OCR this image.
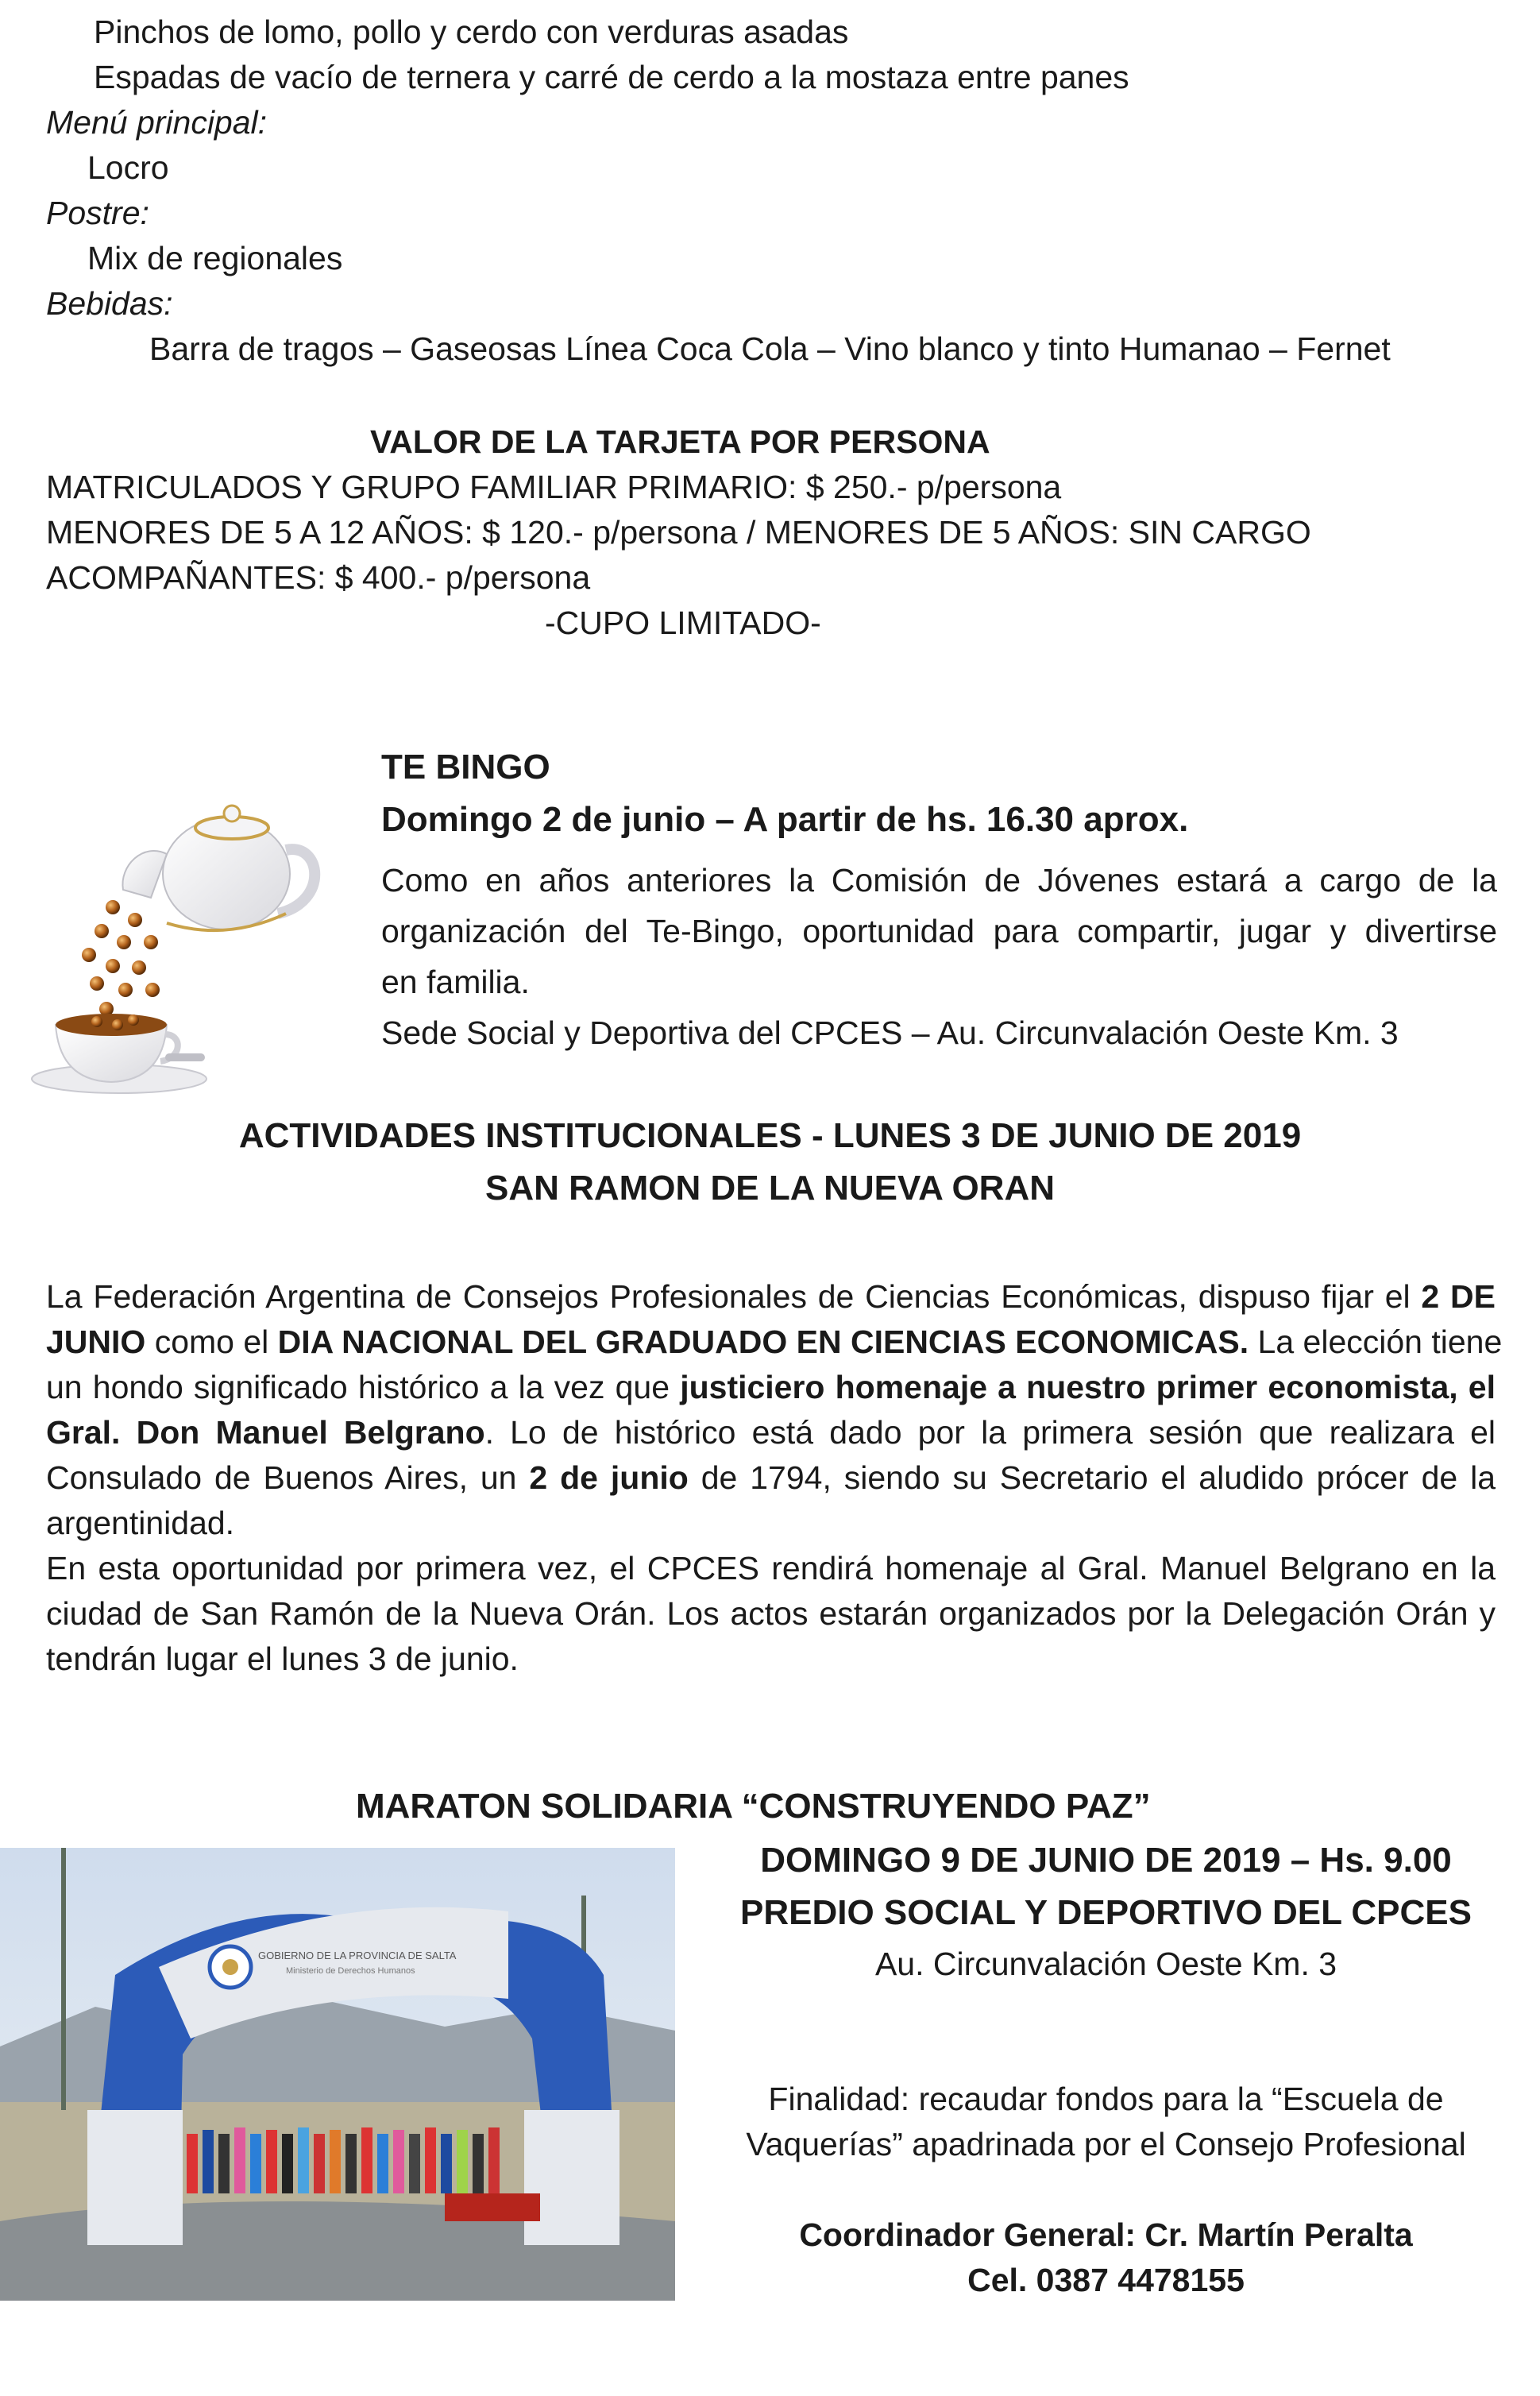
Pinchos de lomo, pollo y cerdo con verduras asadas
Espadas de vacío de ternera y carré de cerdo a la mostaza entre panes
Menú principal:
Locro
Postre:
Mix de regionales
Bebidas:
Barra de tragos – Gaseosas Línea Coca Cola – Vino blanco y tinto Humanao – Fernet
VALOR DE LA TARJETA POR PERSONA
MATRICULADOS Y GRUPO FAMILIAR PRIMARIO: $ 250.- p/persona
MENORES DE 5 A 12 AÑOS: $ 120.- p/persona / MENORES DE 5 AÑOS: SIN CARGO
ACOMPAÑANTES: $ 400.- p/persona
-CUPO LIMITADO-
TE BINGO
Domingo 2 de junio – A partir de hs. 16.30 aprox.
Como en años anteriores la Comisión de Jóvenes estará a cargo de la
organización del Te-Bingo, oportunidad para compartir, jugar y divertirse
en familia.
Sede Social y Deportiva del CPCES – Au. Circunvalación Oeste Km. 3
ACTIVIDADES INSTITUCIONALES - LUNES 3 DE JUNIO DE 2019
SAN RAMON DE LA NUEVA ORAN
La Federación Argentina de Consejos Profesionales de Ciencias Económicas, dispuso fijar el 2 DE
JUNIO como el DIA NACIONAL DEL GRADUADO EN CIENCIAS ECONOMICAS. La elección tiene
un hondo significado histórico a la vez que justiciero homenaje a nuestro primer economista, el
Gral. Don Manuel Belgrano. Lo de histórico está dado por la primera sesión que realizara el
Consulado de Buenos Aires, un 2 de junio de 1794, siendo su Secretario el aludido prócer de la
argentinidad.
En esta oportunidad por primera vez, el CPCES rendirá homenaje al Gral. Manuel Belgrano en la
ciudad de San Ramón de la Nueva Orán. Los actos estarán organizados por la Delegación Orán y
tendrán lugar el lunes 3 de junio.
MARATON SOLIDARIA “CONSTRUYENDO PAZ”
GOBIERNO DE LA PROVINCIA DE SALTA
Ministerio de Derechos Humanos
DOMINGO 9 DE JUNIO DE 2019 – Hs. 9.00
PREDIO SOCIAL Y DEPORTIVO DEL CPCES
Au. Circunvalación Oeste Km. 3
Finalidad: recaudar fondos para la “Escuela de
Vaquerías” apadrinada por el Consejo Profesional
Coordinador General: Cr. Martín Peralta
Cel. 0387 4478155
